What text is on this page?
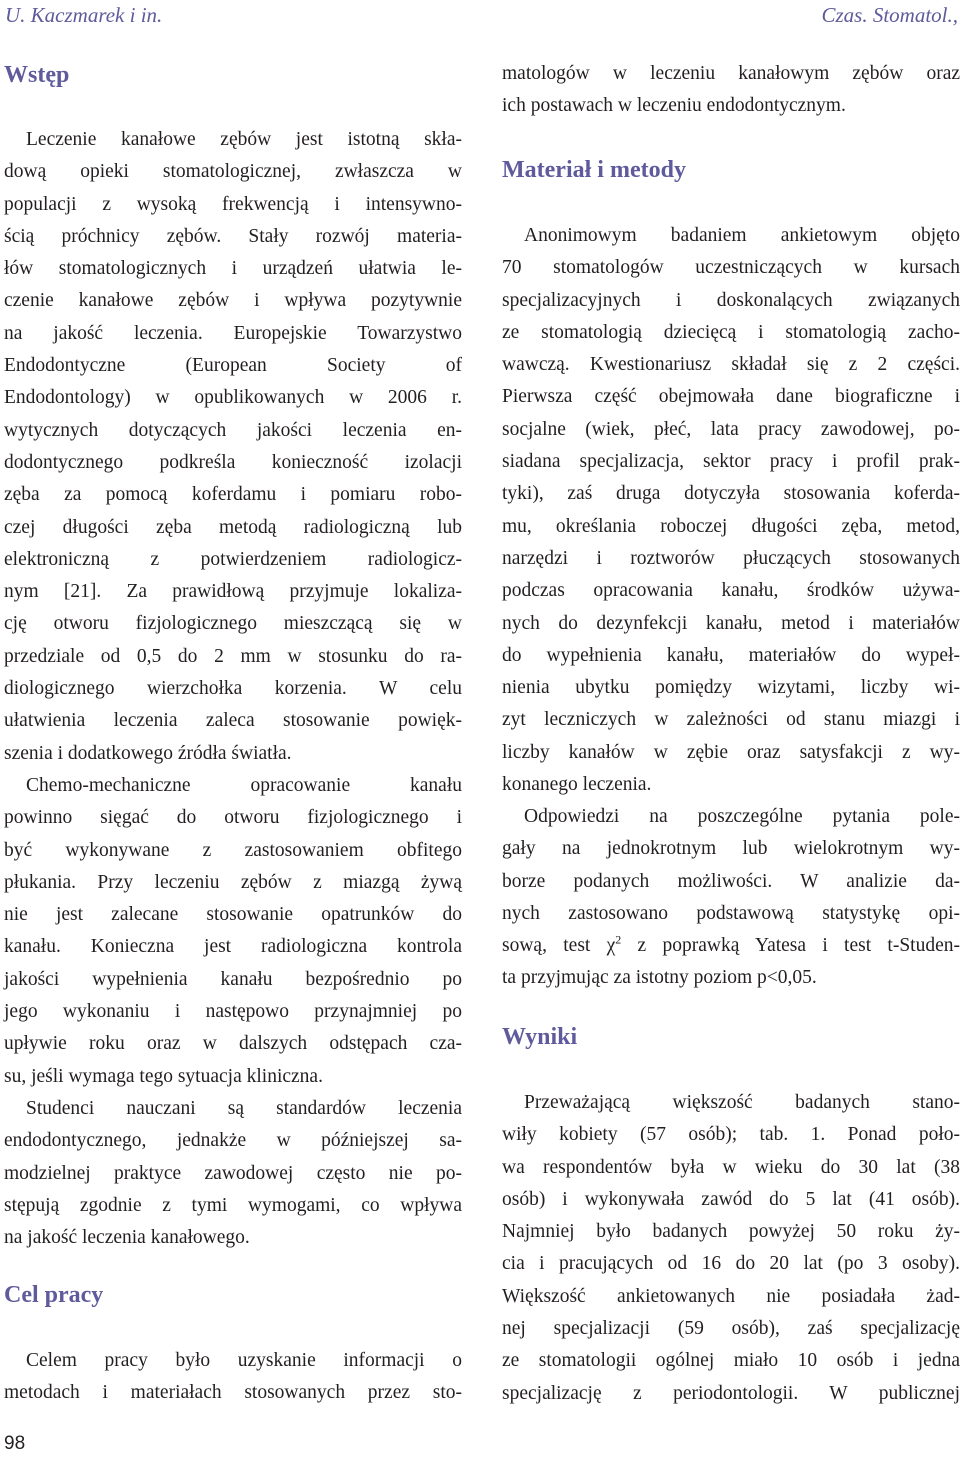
U. Kaczmarek i in.	Czas. Stomatol.,
Wstęp
Leczenie kanałowe zębów jest istotną skła-
dową opieki stomatologicznej, zwłaszcza w
populacji z wysoką frekwencją i intensywno-
ścią próchnicy zębów. Stały rozwój materia-
łów stomatologicznych i urządzeń ułatwia le-
czenie kanałowe zębów i wpływa pozytywnie
na jakość leczenia. Europejskie Towarzystwo
Endodontyczne (European Society of
Endodontology) w opublikowanych w 2006 r.
wytycznych dotyczących jakości leczenia en-
dodontycznego podkreśla konieczność izolacji
zęba za pomocą koferdamu i pomiaru robo-
czej długości zęba metodą radiologiczną lub
elektroniczną z potwierdzeniem radiologicz-
nym [21]. Za prawidłową przyjmuje lokaliza-
cję otworu fizjologicznego mieszczącą się w
przedziale od 0,5 do 2 mm w stosunku do ra-
diologicznego wierzchołka korzenia. W celu
ułatwienia leczenia zaleca stosowanie powięk-
szenia i dodatkowego źródła światła.
Chemo-mechaniczne opracowanie kanału
powinno sięgać do otworu fizjologicznego i
być wykonywane z zastosowaniem obfitego
płukania. Przy leczeniu zębów z miazgą żywą
nie jest zalecane stosowanie opatrunków do
kanału. Konieczna jest radiologiczna kontrola
jakości wypełnienia kanału bezpośrednio po
jego wykonaniu i następowo przynajmniej po
upływie roku oraz w dalszych odstępach cza-
su, jeśli wymaga tego sytuacja kliniczna.
Studenci nauczani są standardów leczenia
endodontycznego, jednakże w późniejszej sa-
modzielnej praktyce zawodowej często nie po-
stępują zgodnie z tymi wymogami, co wpływa
na jakość leczenia kanałowego.
Cel pracy
Celem pracy było uzyskanie informacji o
metodach i materiałach stosowanych przez sto-
matologów w leczeniu kanałowym zębów oraz
ich postawach w leczeniu endodontycznym.
Materiał i metody
Anonimowym badaniem ankietowym objęto
70 stomatologów uczestniczących w kursach
specjalizacyjnych i doskonalących związanych
ze stomatologią dziecięcą i stomatologią zacho-
wawczą. Kwestionariusz składał się z 2 części.
Pierwsza część obejmowała dane biograficzne i
socjalne (wiek, płeć, lata pracy zawodowej, po-
siadana specjalizacja, sektor pracy i profil prak-
tyki), zaś druga dotyczyła stosowania koferda-
mu, określania roboczej długości zęba, metod,
narzędzi i roztworów płuczących stosowanych
podczas opracowania kanału, środków używa-
nych do dezynfekcji kanału, metod i materiałów
do wypełnienia kanału, materiałów do wypeł-
nienia ubytku pomiędzy wizytami, liczby wi-
zyt leczniczych w zależności od stanu miazgi i
liczby kanałów w zębie oraz satysfakcji z wy-
konanego leczenia.
Odpowiedzi na poszczególne pytania pole-
gały na jednokrotnym lub wielokrotnym wy-
borze podanych możliwości. W analizie da-
nych zastosowano podstawową statystykę opi-
sową, test $\chi^2$ z poprawką Yatesa i test t-Studen-
ta przyjmując za istotny poziom p<0,05.
Wyniki
Przeważającą większość badanych stano-
wiły kobiety (57 osób); tab. 1. Ponad poło-
wa respondentów była w wieku do 30 lat (38
osób) i wykonywała zawód do 5 lat (41 osób).
Najmniej było badanych powyżej 50 roku ży-
cia i pracujących od 16 do 20 lat (po 3 osoby).
Większość ankietowanych nie posiadała żad-
nej specjalizacji (59 osób), zaś specjalizację
ze stomatologii ogólnej miało 10 osób i jedna
specjalizację z periodontologii. W publicznej
98
